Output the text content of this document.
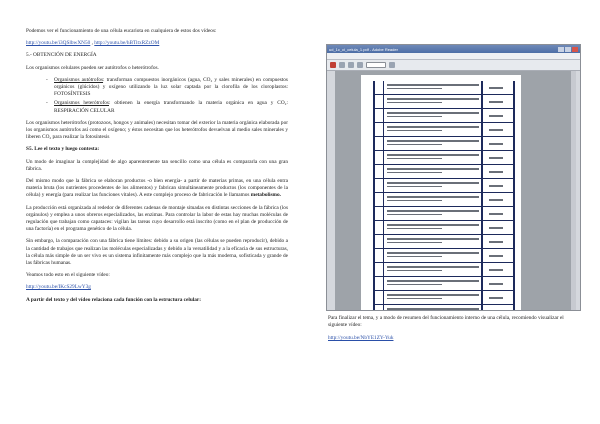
Podemos ver el funcionamiento de una célula eucariota en cualquiera de estos dos vídeos:

http://youtu.be/i3QSlbwXN50 , http://youtu.be/hBTitxRZzOM

5.- OBTENCIÓN DE ENERGÍA

Los organismos celulares pueden ser autótrofos o heterótrofos.

- Organismos autótrofos: transforman compuestos inorgánicos (agua, CO₂ y sales minerales) en compuestos orgánicos (glúcidos) y oxígeno utilizando la luz solar captada por la clorofila de los cloroplastos: FOTOSÍNTESIS
- Organismos heterótrofos: obtienen la energía transformando la materia orgánica en agua y CO₂: RESPIRACIÓN CELULAR

Los organismos heterótrofos (protozoos, hongos y animales) necesitan tomar del exterior la materia orgánica elaborada por los organismos autótrofos así como el oxígeno; y éstos necesitan que los heterótrofos devuelvan al medio sales minerales y liberen CO₂ para realizar la fotosíntesis

S5. Lee el texto y luego contesta:

Un modo de imaginar la complejidad de algo aparentemente tan sencillo como una célula es compararla con una gran fábrica.

Del mismo modo que la fábrica se elaboran productos -o bien energía- a partir de materias primas, en una célula entra materia bruta (los nutrientes procedentes de los alimentos) y fabrican simultáneamente productos (los componentes de la célula) y energía (para realizar las funciones vitales). A este complejo proceso de fabricación le llamamos metabolismo.

La producción está organizada al rededor de diferentes cadenas de montaje situadas en distintas secciones de la fábrica (los orgánulos) y emplea a unos obreros especializados, las enzimas. Para controlar la labor de estas hay muchas moléculas de regulación que trabajan como capataces: vigilan las tareas cuyo desarrollo está inscrito (como en el plan de producción de una factoría) en el programa genético de la célula.

Sin embargo, la comparación con una fábrica tiene límites: debido a su origen (las células se pueden reproducir), debido a la cantidad de trabajos que realizan las moléculas especializadas y debido a la versatilidad y a la eficacia de sus estructuras, la célula más simple de un ser vivo es un sistema infinitamente más complejo que la más moderna, sofisticada y grande de las fábricas humanas.

Veamos todo esto en el siguiente vídeo:

http://youtu.be/IKcS29LwY3g

A partir del texto y del vídeo relaciona cada función con la estructura celular:

ud_1c_ci_celula_1.pdf - Adobe Reader

Para finalizar el tema, y a modo de resumen del funcionamiento interno de una célula, recomiendo visualizar el siguiente vídeo:

http://youtu.be/NbYE1ZY-Yuk
